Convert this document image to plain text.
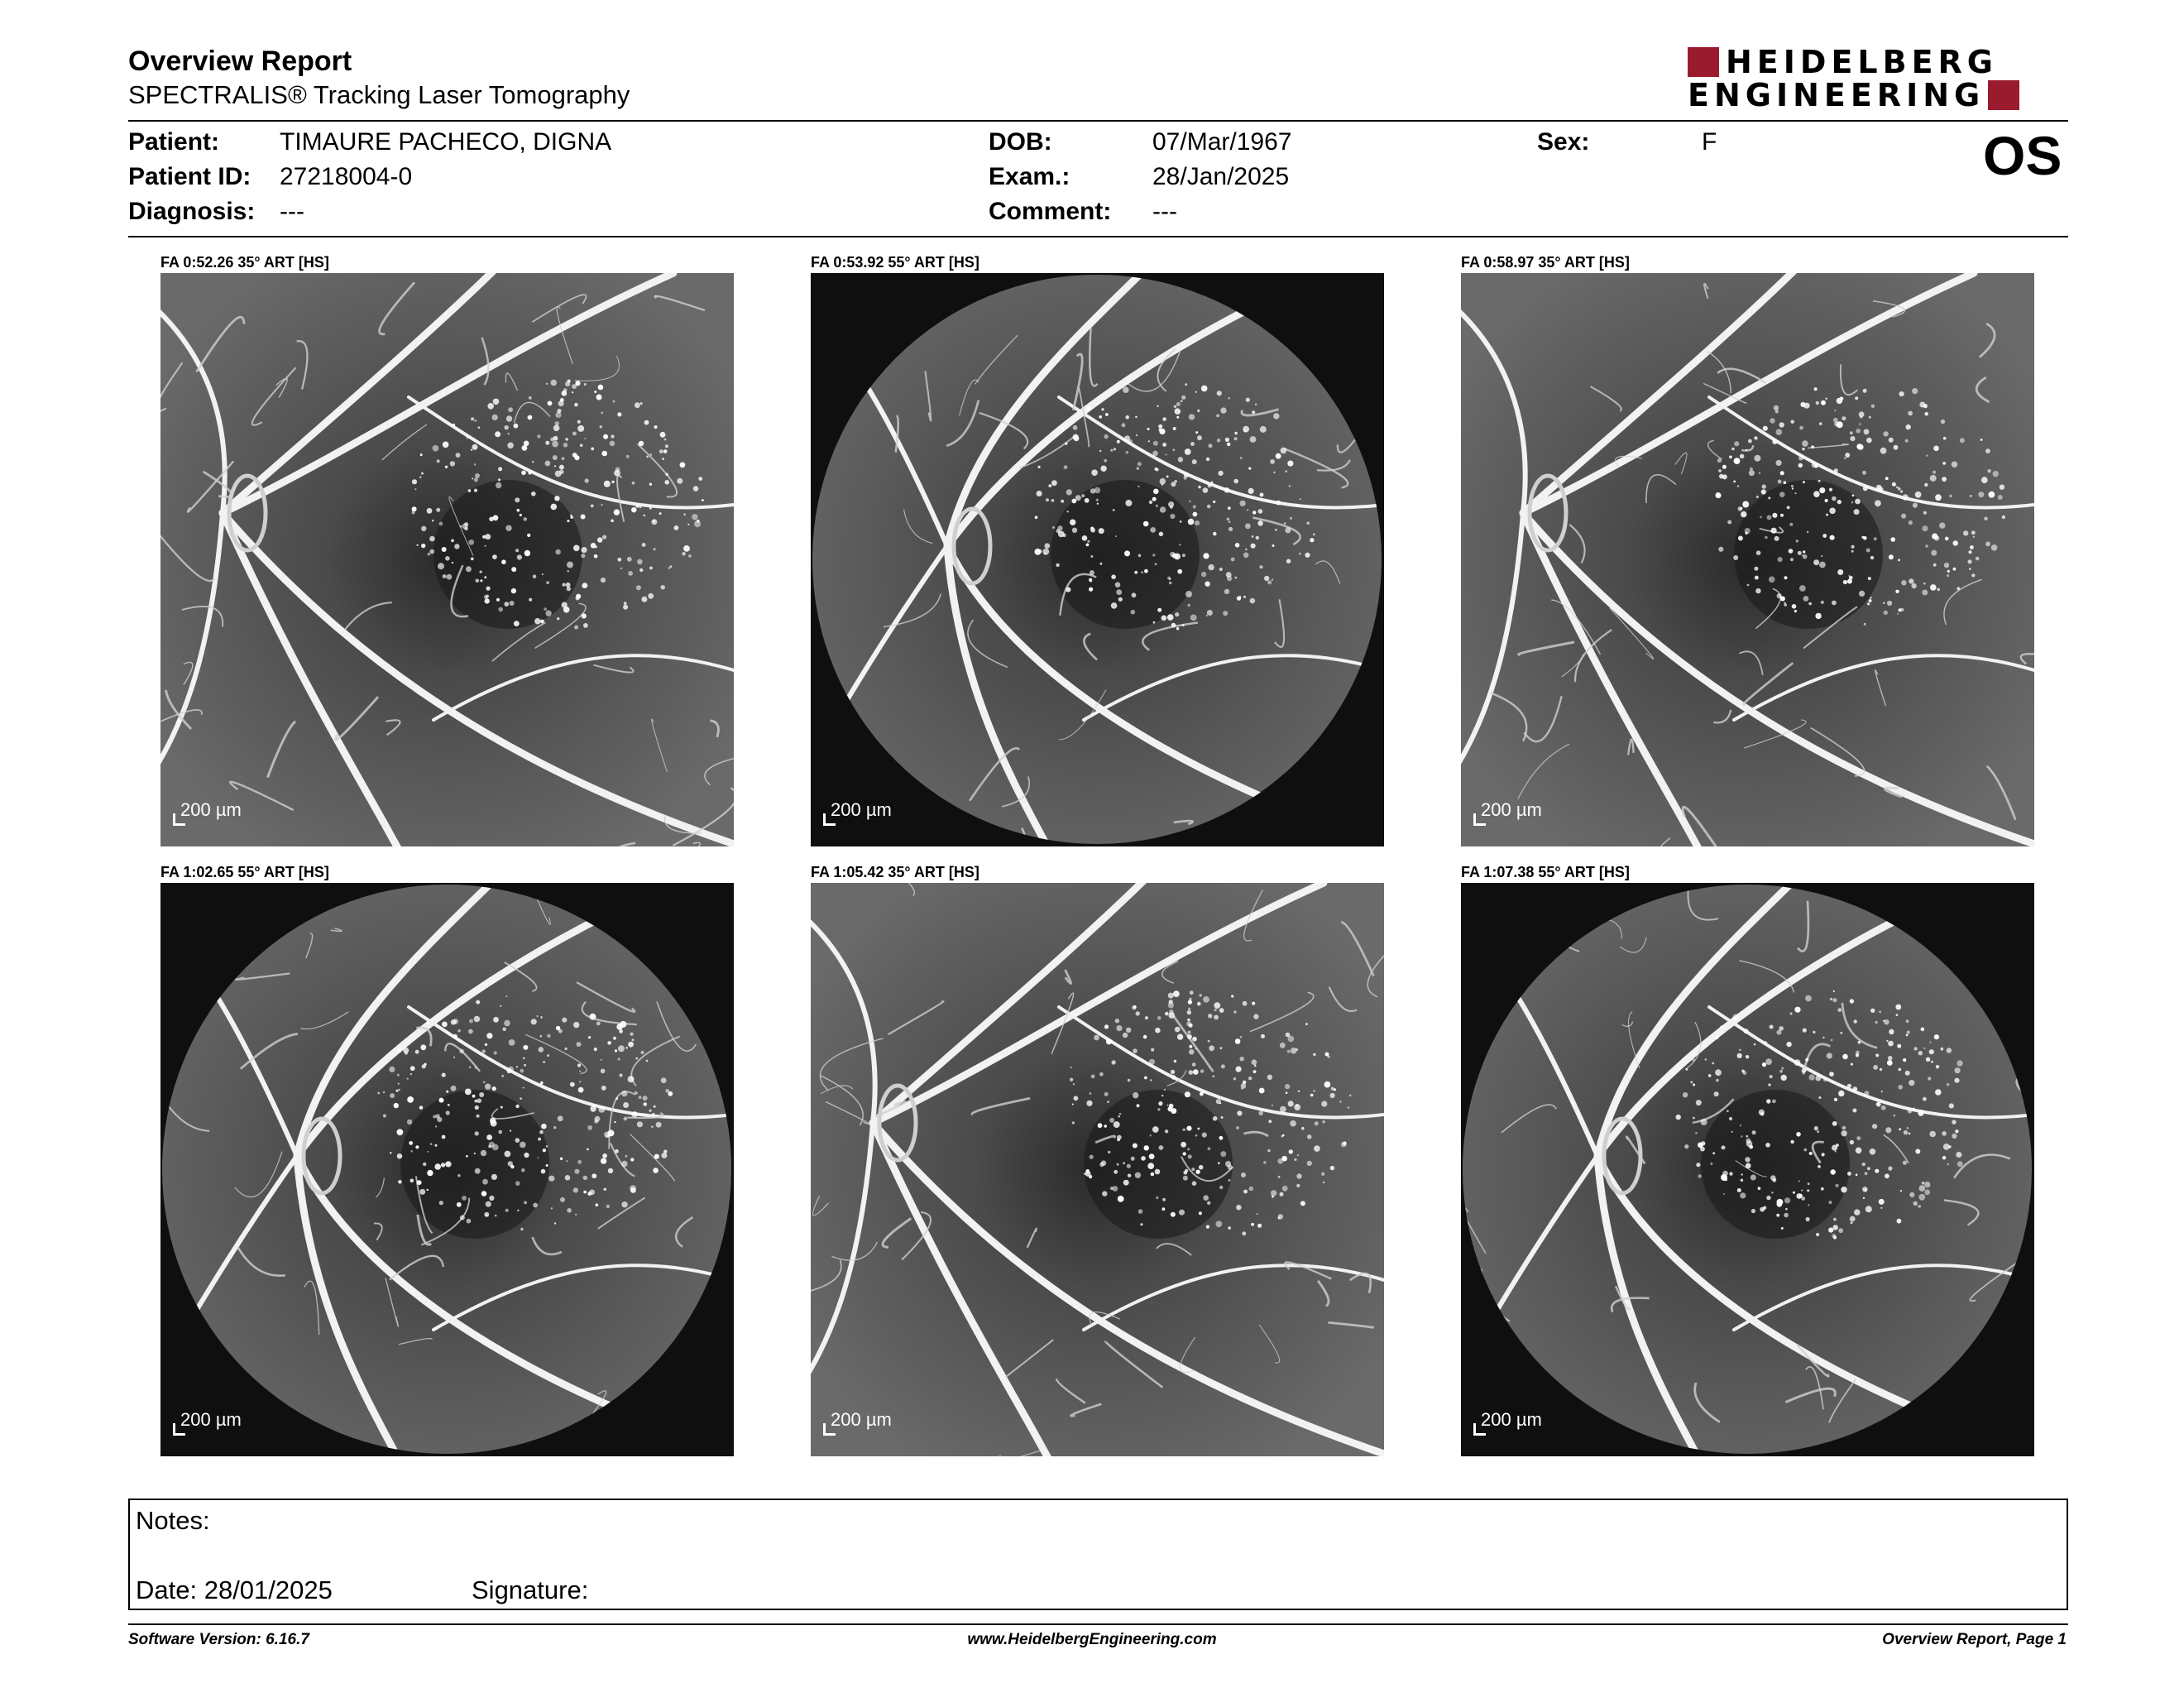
Overview Report
SPECTRALIS® Tracking Laser Tomography
HEIDELBERG
ENGINEERING
Patient: TIMAURE PACHECO, DIGNA
Patient ID: 27218004-0
Diagnosis: ---
DOB:	07/Mar/1967
Exam.:	28/Jan/2025
Comment: ---
Sex:	F	OS
FA 0:52.26 35° ART [HS]
200 µm
FA 0:53.92 55° ART [HS]
200 µm
FA 0:58.97 35° ART [HS]
200 µm
FA 1:02.65 55° ART [HS]
200 µm
FA 1:05.42 35° ART [HS]
200 µm
FA 1:07.38 55° ART [HS]
200 µm
Notes:
Date: 28/01/2025	Signature:
Software Version: 6.16.7	www.HeidelbergEngineering.com	Overview Report, Page 1
